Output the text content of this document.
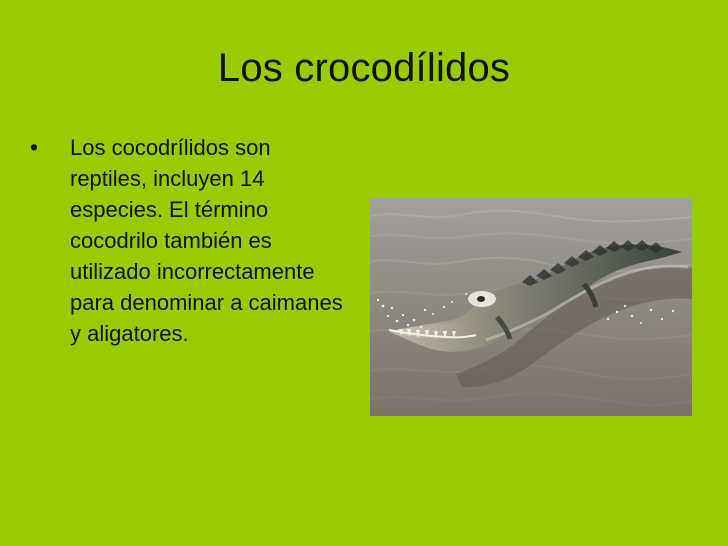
Los crocodílidos
•	Los cocodrílidos son reptiles, incluyen 14 especies. El término cocodrilo también es utilizado incorrectamente para denominar a caimanes y aligatores.
